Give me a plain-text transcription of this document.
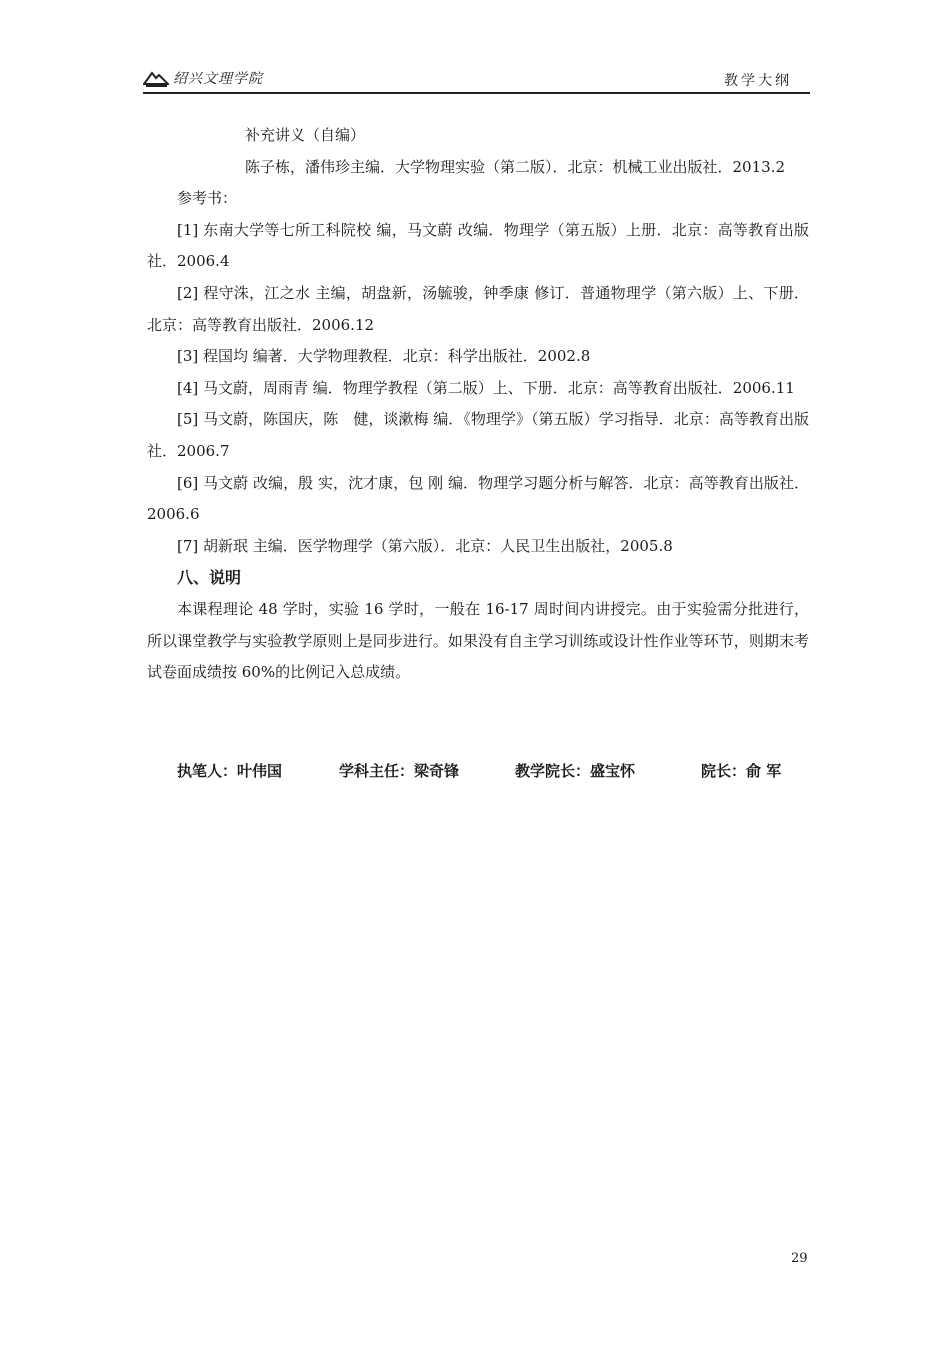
绍兴文理学院	教学大纲

补充讲义（自编）

陈子栋，潘伟珍主编．大学物理实验（第二版）．北京：机械工业出版社．2013.2

参考书：

[1] 东南大学等七所工科院校 编，马文蔚 改编．物理学（第五版）上册．北京：高等教育出版社．2006.4

[2] 程守洙，江之水 主编，胡盘新，汤毓骏，钟季康 修订．普通物理学（第六版）上、下册．北京：高等教育出版社．2006.12

[3] 程国均 编著．大学物理教程．北京：科学出版社．2002.8

[4] 马文蔚，周雨青 编．物理学教程（第二版）上、下册．北京：高等教育出版社．2006.11

[5] 马文蔚，陈国庆，陈　健，谈漱梅 编．《物理学》（第五版）学习指导．北京：高等教育出版社．2006.7

[6] 马文蔚 改编，殷 实，沈才康，包 刚 编．物理学习题分析与解答．北京：高等教育出版社．2006.6

[7] 胡新珉 主编．医学物理学（第六版）．北京：人民卫生出版社，2005.8

八、说明

本课程理论 48 学时，实验 16 学时，一般在 16-17 周时间内讲授完。由于实验需分批进行，所以课堂教学与实验教学原则上是同步进行。如果没有自主学习训练或设计性作业等环节，则期末考试卷面成绩按 60%的比例记入总成绩。

执笔人：叶伟国	学科主任：梁奇锋	教学院长：盛宝怀	院长：俞 军
29
